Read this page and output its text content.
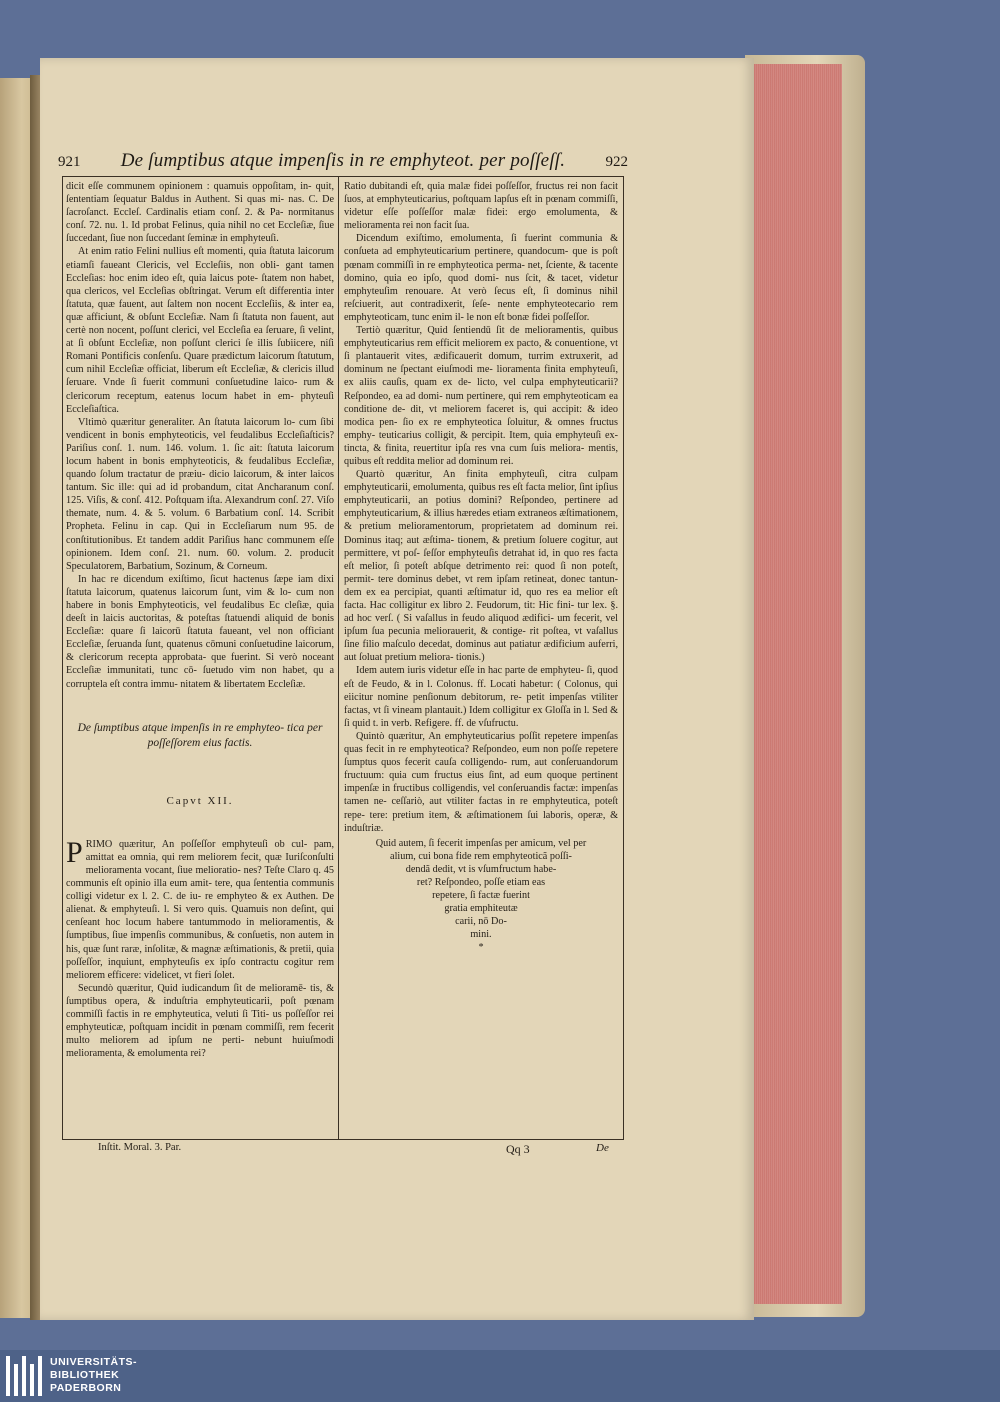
921 De ſumptibus atque impenſis in re emphyteot. per poſſeſſ.	922

dicit eſſe communem opinionem : quamuis oppoſitam, in- quit, ſententiam ſequatur Baldus in Authent. Si quas mi- nas. C. De ſacroſanct. Eccleſ. Cardinalis etiam conſ. 2. & Pa- normitanus conſ. 72. nu. 1. Id probat Felinus, quia nihil no cet Eccleſiæ, ſiue ſuccedant, ſiue non ſuccedant ſeminæ in emphyteuſi.

At enim ratio Felini nullius eſt momenti, quia ſtatuta laicorum etiamſi faueant Clericis, vel Eccleſiis, non obli- gant tamen Eccleſias: hoc enim ideo eſt, quia laicus pote- ſtatem non habet, qua clericos, vel Eccleſias obſtringat. Verum eſt differentia inter ſtatuta, quæ fauent, aut ſaltem non nocent Eccleſiis, & inter ea, quæ afficiunt, & obſunt Eccleſiæ. Nam ſi ſtatuta non fauent, aut certè non nocent, poſſunt clerici, vel Eccleſia ea ſeruare, ſi velint, at ſi obſunt Eccleſiæ, non poſſunt clerici ſe illis ſubiicere, niſi Romani Pontificis conſenſu. Quare prædictum laicorum ſtatutum, cum nihil Eccleſiæ officiat, liberum eſt Eccleſiæ, & clericis illud ſeruare. Vnde ſi fuerit communi conſuetudine laico- rum & clericorum receptum, eatenus locum habet in em- phyteuſi Eccleſiaſtica.

Vltimò quæritur generaliter. An ſtatuta laicorum lo- cum ſibi vendicent in bonis emphyteoticis, vel feudalibus Eccleſiaſticis? Pariſius conſ. 1. num. 146. volum. 1. ſic ait: ſtatuta laicorum locum habent in bonis emphyteoticis, & feudalibus Eccleſiæ, quando ſolum tractatur de præiu- dicio laicorum, & inter laicos tantum. Sic ille: qui ad id probandum, citat Ancharanum conſ. 125. Viſis, & conſ. 412. Poſtquam iſta. Alexandrum conſ. 27. Viſo themate, num. 4. & 5. volum. 6 Barbatium conſ. 14. Scribit Propheta. Felinu in cap. Qui in Eccleſiarum num 95. de conſtitutionibus. Et tandem addit Pariſius hanc communem eſſe opinionem. Idem conſ. 21. num. 60. volum. 2. producit Speculatorem, Barbatium, Sozinum, & Corneum.

In hac re dicendum exiſtimo, ſicut hactenus ſæpe iam dixi ſtatuta laicorum, quatenus laicorum ſunt, vim & lo- cum non habere in bonis Emphyteoticis, vel feudalibus Ec cleſiæ, quia deeſt in laicis auctoritas, & poteſtas ſtatuendi aliquid de bonis Eccleſiæ: quare ſi laicorū ſtatuta faueant, vel non officiant Eccleſiæ, ſeruanda ſunt, quatenus cōmuni conſuetudine laicorum, & clericorum recepta approbata- que fuerint. Si verò noceant Eccleſiæ immunitati, tunc cō- ſuetudo vim non habet, qu a corruptela eſt contra immu- nitatem & libertatem Eccleſiæ.

De ſumptibus atque impenſis in re emphyteo- tica per poſſeſſorem eius factis.
Capvt XII.

PRIMO quæritur, An poſſeſſor emphyteuſi ob cul- pam, amittat ea omnia, qui rem meliorem fecit, quæ Iuriſconſulti melioramenta vocant, ſiue melioratio- nes? Teſte Claro q. 45 communis eſt opinio illa eum amit- tere, qua ſententia communis colligi videtur ex l. 2. C. de iu- re emphyteo & ex Authen. De alienat. & emphyteuſi. l. Si vero quis. Quamuis non deſint, qui cenſeant hoc locum habere tantummodo in melioramentis, & ſumptibus, ſiue impenſis communibus, & conſuetis, non autem in his, quæ ſunt raræ, inſolitæ, & magnæ æſtimationis, & pretii, quia poſſeſſor, inquiunt, emphyteuſis ex ipſo contractu cogitur rem meliorem efficere: videlicet, vt fieri ſolet.

Secundò quæritur, Quid iudicandum ſit de melioramē- tis, & ſumptibus opera, & induſtria emphyteuticarii, poſt pœnam commiſſi factis in re emphyteutica, veluti ſi Titi- us poſſeſſor rei emphyteuticæ, poſtquam incidit in pœnam commiſſi, rem fecerit multo meliorem ad ipſum ne perti- nebunt huiuſmodi melioramenta, & emolumenta rei?

Ratio dubitandi eſt, quia malæ fidei poſſeſſor, fructus rei non facit ſuos, at emphyteuticarius, poſtquam lapſus eſt in pœnam commiſſi, videtur eſſe poſſeſſor malæ fidei: ergo emolumenta, & melioramenta rei non facit ſua.

Dicendum exiſtimo, emolumenta, ſi fuerint communia & conſueta ad emphyteuticarium pertinere, quandocum- que is poſt pœnam commiſſi in re emphyteotica perma- net, ſciente, & tacente domino, quia eo ipſo, quod domi- nus ſcit, & tacet, videtur emphyteuſim renouare. At verò ſecus eſt, ſi dominus nihil reſciuerit, aut contradixerit, ſeſe- nente emphyteotecario rem emphyteoticam, tunc enim il- le non eſt bonæ fidei poſſeſſor.

Tertiò quæritur, Quid ſentiendū ſit de melioramentis, quibus emphyteuticarius rem efficit meliorem ex pacto, & conuentione, vt ſi plantauerit vites, ædificauerit domum, turrim extruxerit, ad dominum ne ſpectant eiuſmodi me- lioramenta finita emphyteuſi, ex aliis cauſis, quam ex de- licto, vel culpa emphyteuticarii? Reſpondeo, ea ad domi- num pertinere, qui rem emphyteoticam ea conditione de- dit, vt meliorem faceret is, qui accipit: & ideo modica pen- ſio ex re emphyteotica ſoluitur, & omnes fructus emphy- teuticarius colligit, & percipit. Item, quia emphyteuſi ex- tincta, & finita, reuertitur ipſa res vna cum ſuis meliora- mentis, quibus eſt reddita melior ad dominum rei.

Quartò quæritur, An finita emphyteuſi, citra culpam emphyteuticarii, emolumenta, quibus res eſt facta melior, ſint ipſius emphyteuticarii, an potius domini? Reſpondeo, pertinere ad emphyteuticarium, & illius hæredes etiam extraneos æſtimationem, & pretium melioramentorum, proprietatem ad dominum rei. Dominus itaq; aut æſtima- tionem, & pretium ſoluere cogitur, aut permittere, vt poſ- ſeſſor emphyteuſis detrahat id, in quo res facta eſt melior, ſi poteſt abſque detrimento rei: quod ſi non poteſt, permit- tere dominus debet, vt rem ipſam retineat, donec tantun- dem ex ea percipiat, quanti æſtimatur id, quo res ea melior eſt facta. Hac colligitur ex libro 2. Feudorum, tit: Hic fini- tur lex. §. ad hoc verſ. ( Si vaſallus in feudo aliquod ædifici- um fecerit, vel ipſum ſua pecunia meliorauerit, & contige- rit poſtea, vt vaſallus ſine filio maſculo decedat, dominus aut patiatur ædificium auferri, aut ſoluat pretium meliora- tionis.)

Idem autem iuris videtur eſſe in hac parte de emphyteu- ſi, quod eſt de Feudo, & in l. Colonus. ff. Locati habetur: ( Colonus, qui eiicitur nomine penſionum debitorum, re- petit impenſas vtiliter factas, vt ſi vineam plantauit.) Idem colligitur ex Gloſſa in l. Sed & ſi quid t. in verb. Refigere. ff. de vſufructu.

Quintò quæritur, An emphyteuticarius poſſit repetere impenſas quas fecit in re emphyteotica? Reſpondeo, eum non poſſe repetere ſumptus quos fecerit cauſa colligendo- rum, aut conſeruandorum fructuum: quia cum fructus eius ſint, ad eum quoque pertinent impenſæ in fructibus colligendis, vel conſeruandis factæ: impenſas tamen ne- ceſſariò, aut vtiliter factas in re emphyteutica, poteſt repe- tere: pretium item, & æſtimationem ſui laboris, operæ, & induſtriæ.

Quid autem, ſi fecerit impenſas per amicum, vel per
alium, cui bona fide rem emphyteoticã poſſi-
dendã dedit, vt is vſumfructum habe-
ret? Reſpondeo, poſſe etiam eas
repetere, ſi factæ fuerint
gratia emphiteutæ
carii, nō Do-
mini.
*
Inſtit. Moral. 3. Par.	Qq 3	De
UNIVERSITÄTS-
BIBLIOTHEK
PADERBORN
